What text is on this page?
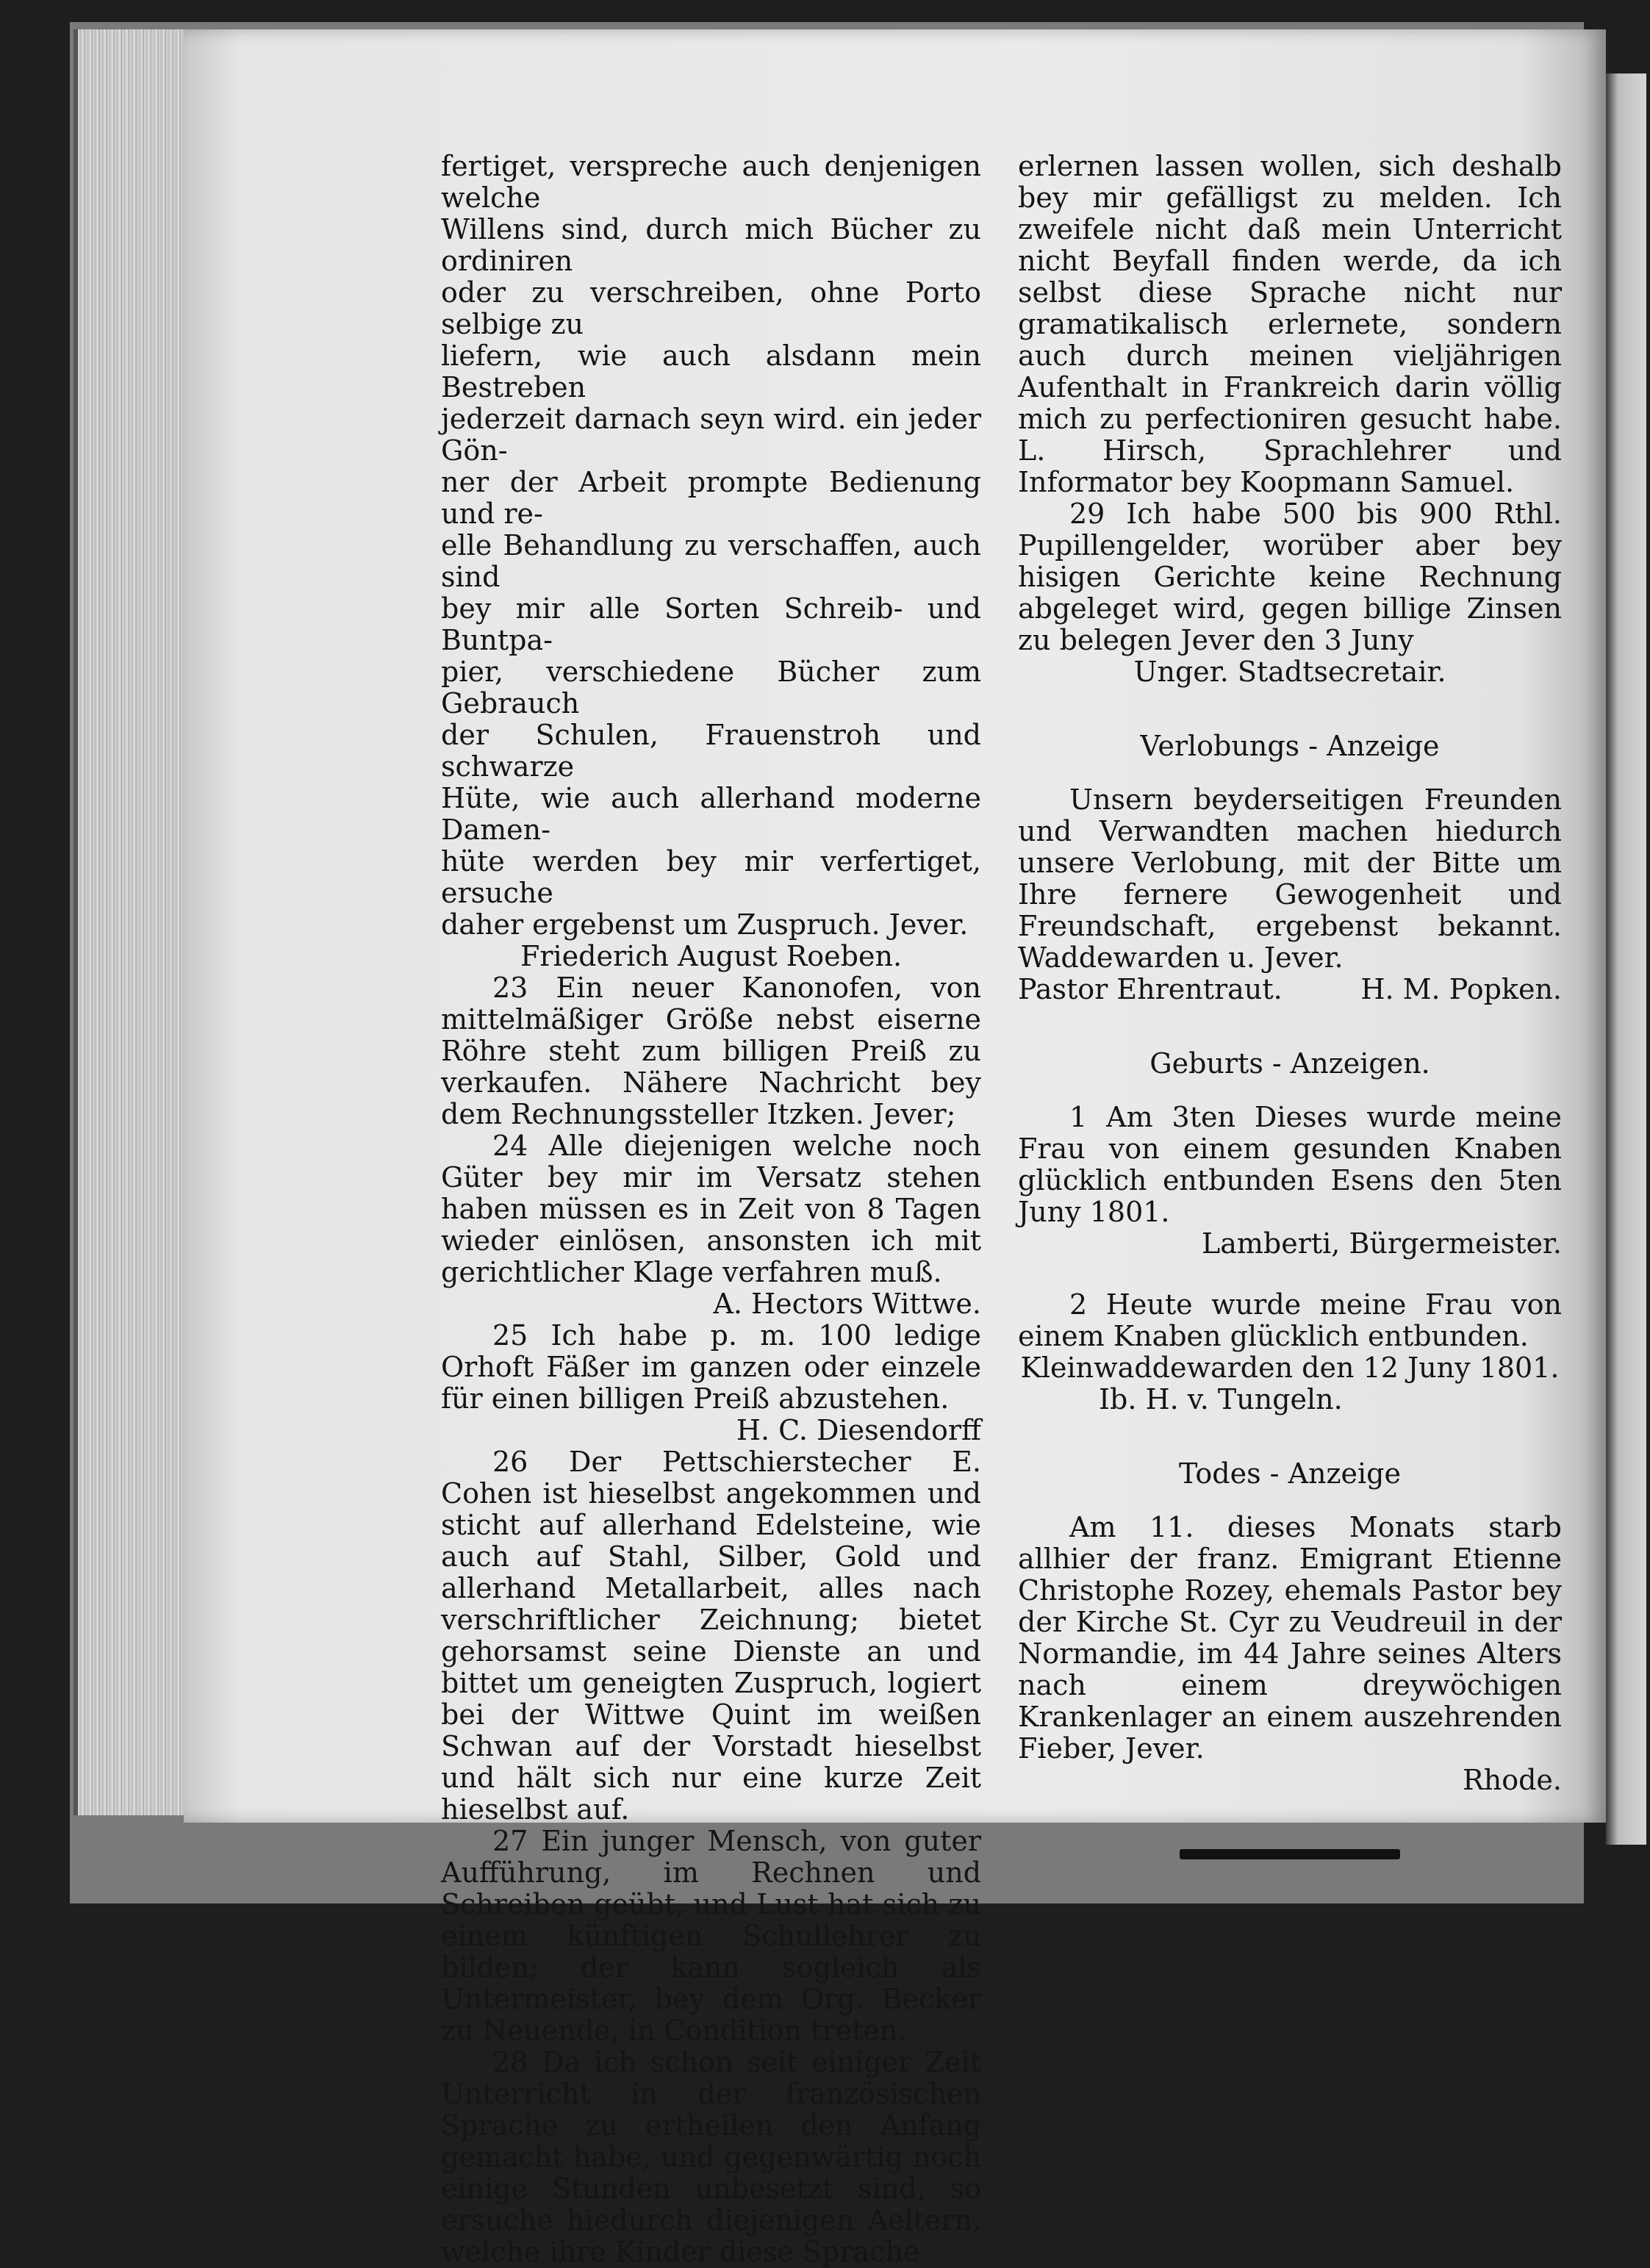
fertiget, verspreche auch denjenigen welche

Willens sind, durch mich Bücher zu ordiniren

oder zu verschreiben, ohne Porto selbige zu

liefern, wie auch alsdann mein Bestreben

jederzeit darnach seyn wird. ein jeder Gön-

ner der Arbeit prompte Bedienung und re-

elle Behandlung zu verschaffen, auch sind

bey mir alle Sorten Schreib- und Buntpa-

pier, verschiedene Bücher zum Gebrauch

der Schulen, Frauenstroh und schwarze

Hüte, wie auch allerhand moderne Damen-

hüte werden bey mir verfertiget, ersuche

daher ergebenst um Zuspruch. Jever.

Friederich August Roeben.

23 Ein neuer Kanonofen, von mittelmäßiger Größe nebst eiserne Röhre steht zum billigen Preiß zu verkaufen. Nähere Nachricht bey dem Rechnungssteller Itzken. Jever;

24 Alle diejenigen welche noch Güter bey mir im Versatz stehen haben müssen es in Zeit von 8 Tagen wieder einlösen, ansonsten ich mit gerichtlicher Klage verfahren muß.

A. Hectors Wittwe.

25 Ich habe p. m. 100 ledige Orhoft Fäßer im ganzen oder einzele für einen billigen Preiß abzustehen.

H. C. Diesendorff

26 Der Pettschierstecher E. Cohen ist hieselbst angekommen und sticht auf allerhand Edelsteine, wie auch auf Stahl, Silber, Gold und allerhand Metallarbeit, alles nach verschriftlicher Zeichnung; bietet gehorsamst seine Dienste an und bittet um geneigten Zuspruch, logiert bei der Wittwe Quint im weißen Schwan auf der Vorstadt hieselbst und hält sich nur eine kurze Zeit hieselbst auf.

27 Ein junger Mensch, von guter Aufführung, im Rechnen und Schreiben geübt, und Lust hat sich zu einem künftigen Schullehrer zu bilden; der kann sogleich als Untermeister, bey dem Org. Becker zu Neuende, in Condition treten.

28 Da ich schon seit einiger Zeit Unterricht in der französischen Sprache zu ertheilen den Anfang gemacht habe, und gegenwärtig noch einige Stunden unbesetzt sind, so ersuche hiedurch diejenigen Aeltern, welche ihre Kinder diese Sprache

erlernen lassen wollen, sich deshalb bey mir gefälligst zu melden. Ich zweifele nicht daß mein Unterricht nicht Beyfall finden werde, da ich selbst diese Sprache nicht nur gramatikalisch erlernete, sondern auch durch meinen vieljährigen Aufenthalt in Frankreich darin völlig mich zu perfectioniren gesucht habe. L. Hirsch, Sprachlehrer und Informator bey Koopmann Samuel.

29 Ich habe 500 bis 900 Rthl. Pupillengelder, worüber aber bey hisigen Gerichte keine Rechnung abgeleget wird, gegen billige Zinsen zu belegen Jever den 3 Juny

Unger. Stadtsecretair.
Verlobungs - Anzeige

Unsern beyderseitigen Freunden und Verwandten machen hiedurch unsere Verlobung, mit der Bitte um Ihre fernere Gewogenheit und Freundschaft, ergebenst bekannt. Waddewarden u. Jever.

Pastor Ehrentraut.	H. M. Popken.
Geburts - Anzeigen.

1 Am 3ten Dieses wurde meine Frau von einem gesunden Knaben glücklich entbunden Esens den 5ten Juny 1801.

Lamberti, Bürgermeister.

2 Heute wurde meine Frau von einem Knaben glücklich entbunden.

Kleinwaddewarden den 12 Juny 1801.
Ib. H. v. Tungeln.
Todes - Anzeige

Am 11. dieses Monats starb allhier der franz. Emigrant Etienne Christophe Rozey, ehemals Pastor bey der Kirche St. Cyr zu Veudreuil in der Normandie, im 44 Jahre seines Alters nach einem dreywöchigen Krankenlager an einem auszehrenden Fieber, Jever.

Rhode.
